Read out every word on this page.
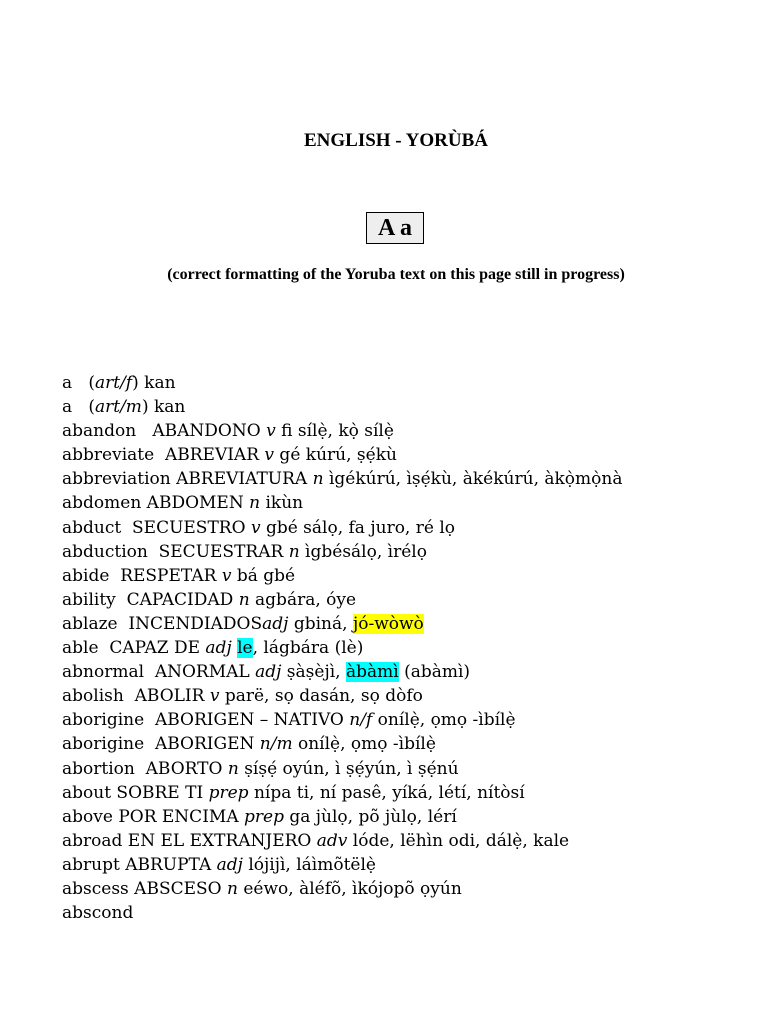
ENGLISH - YORÙBÁ
A a

(correct formatting of the Yoruba text on this page still in progress)

a   (art/f) kan
a   (art/m) kan
abandon   ABANDONO v fi sílẹ̀, kọ̀ sílẹ̀
abbreviate  ABREVIAR v gé kúrú, ṣẹ́kù
abbreviation ABREVIATURA n ìgékúrú, ìṣẹ́kù, àkékúrú, àkọ̀mọ̀nà
abdomen ABDOMEN n ikùn
abduct  SECUESTRO v gbé sálọ, fa juro, ré lọ
abduction  SECUESTRAR n ìgbésálọ, ìrélọ
abide  RESPETAR v bá gbé
ability  CAPACIDAD n agbára, óye
ablaze  INCENDIADOSadj gbiná, jó-wòwò
able  CAPAZ DE adj le, lágbára (lè)
abnormal  ANORMAL adj ṣàṣèjì, àbàmì (abàmì)
abolish  ABOLIR v parë, sọ dasán, sọ dòfo
aborigine  ABORIGEN – NATIVO n/f onílẹ̀, ọmọ -ìbílẹ̀
aborigine  ABORIGEN n/m onílẹ̀, ọmọ -ìbílẹ̀
abortion  ABORTO n ṣíṣẹ́ oyún, ì ṣẹ́yún, ì ṣẹ́nú
about SOBRE TI prep nípa ti, ní pasê, yíká, létí, nítòsí
above POR ENCIMA prep ga jùlọ, põ jùlọ, lérí
abroad EN EL EXTRANJERO adv lóde, lëhìn odi, dálẹ̀, kale
abrupt ABRUPTA adj lójijì, láìmõtëlẹ̀
abscess ABSCESO n eéwo, àléfõ, ìkójopõ ọyún
abscond
